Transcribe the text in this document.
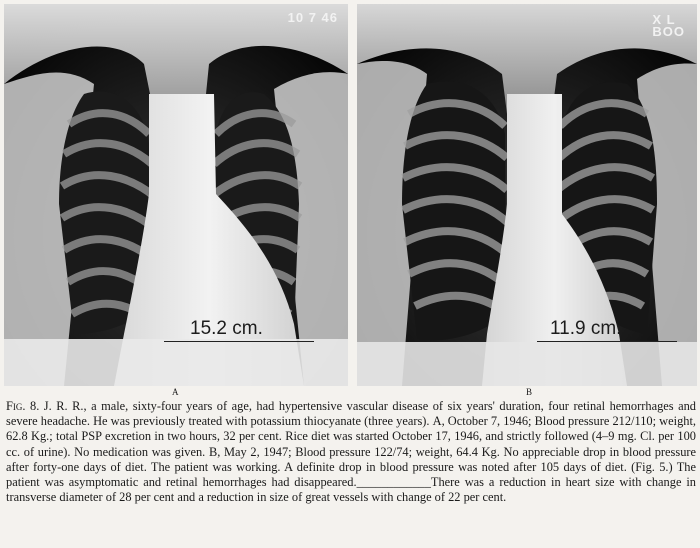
10 7 46
15.2 cm.
X L
BOO
11.9 cm.
A	B

Fig. 8. J. R. R., a male, sixty-four years of age, had hypertensive vascular disease of six years' duration, four retinal hemorrhages and severe headache. He was previously treated with potassium thiocyanate (three years). A, October 7, 1946; Blood pressure 212/110; weight, 62.8 Kg.; total PSP excretion in two hours, 32 per cent. Rice diet was started October 17, 1946, and strictly followed (4–9 mg. Cl. per 100 cc. of urine). No medication was given. B, May 2, 1947; Blood pressure 122/74; weight, 64.4 Kg. No appreciable drop in blood pressure after forty-one days of diet. The patient was working. A definite drop in blood pressure was noted after 105 days of diet. (Fig. 5.) The patient was asymptomatic and retinal hemorrhages had disappeared.____________There was a reduction in heart size with change in transverse diameter of 28 per cent and a reduction in size of great vessels with change of 22 per cent.
